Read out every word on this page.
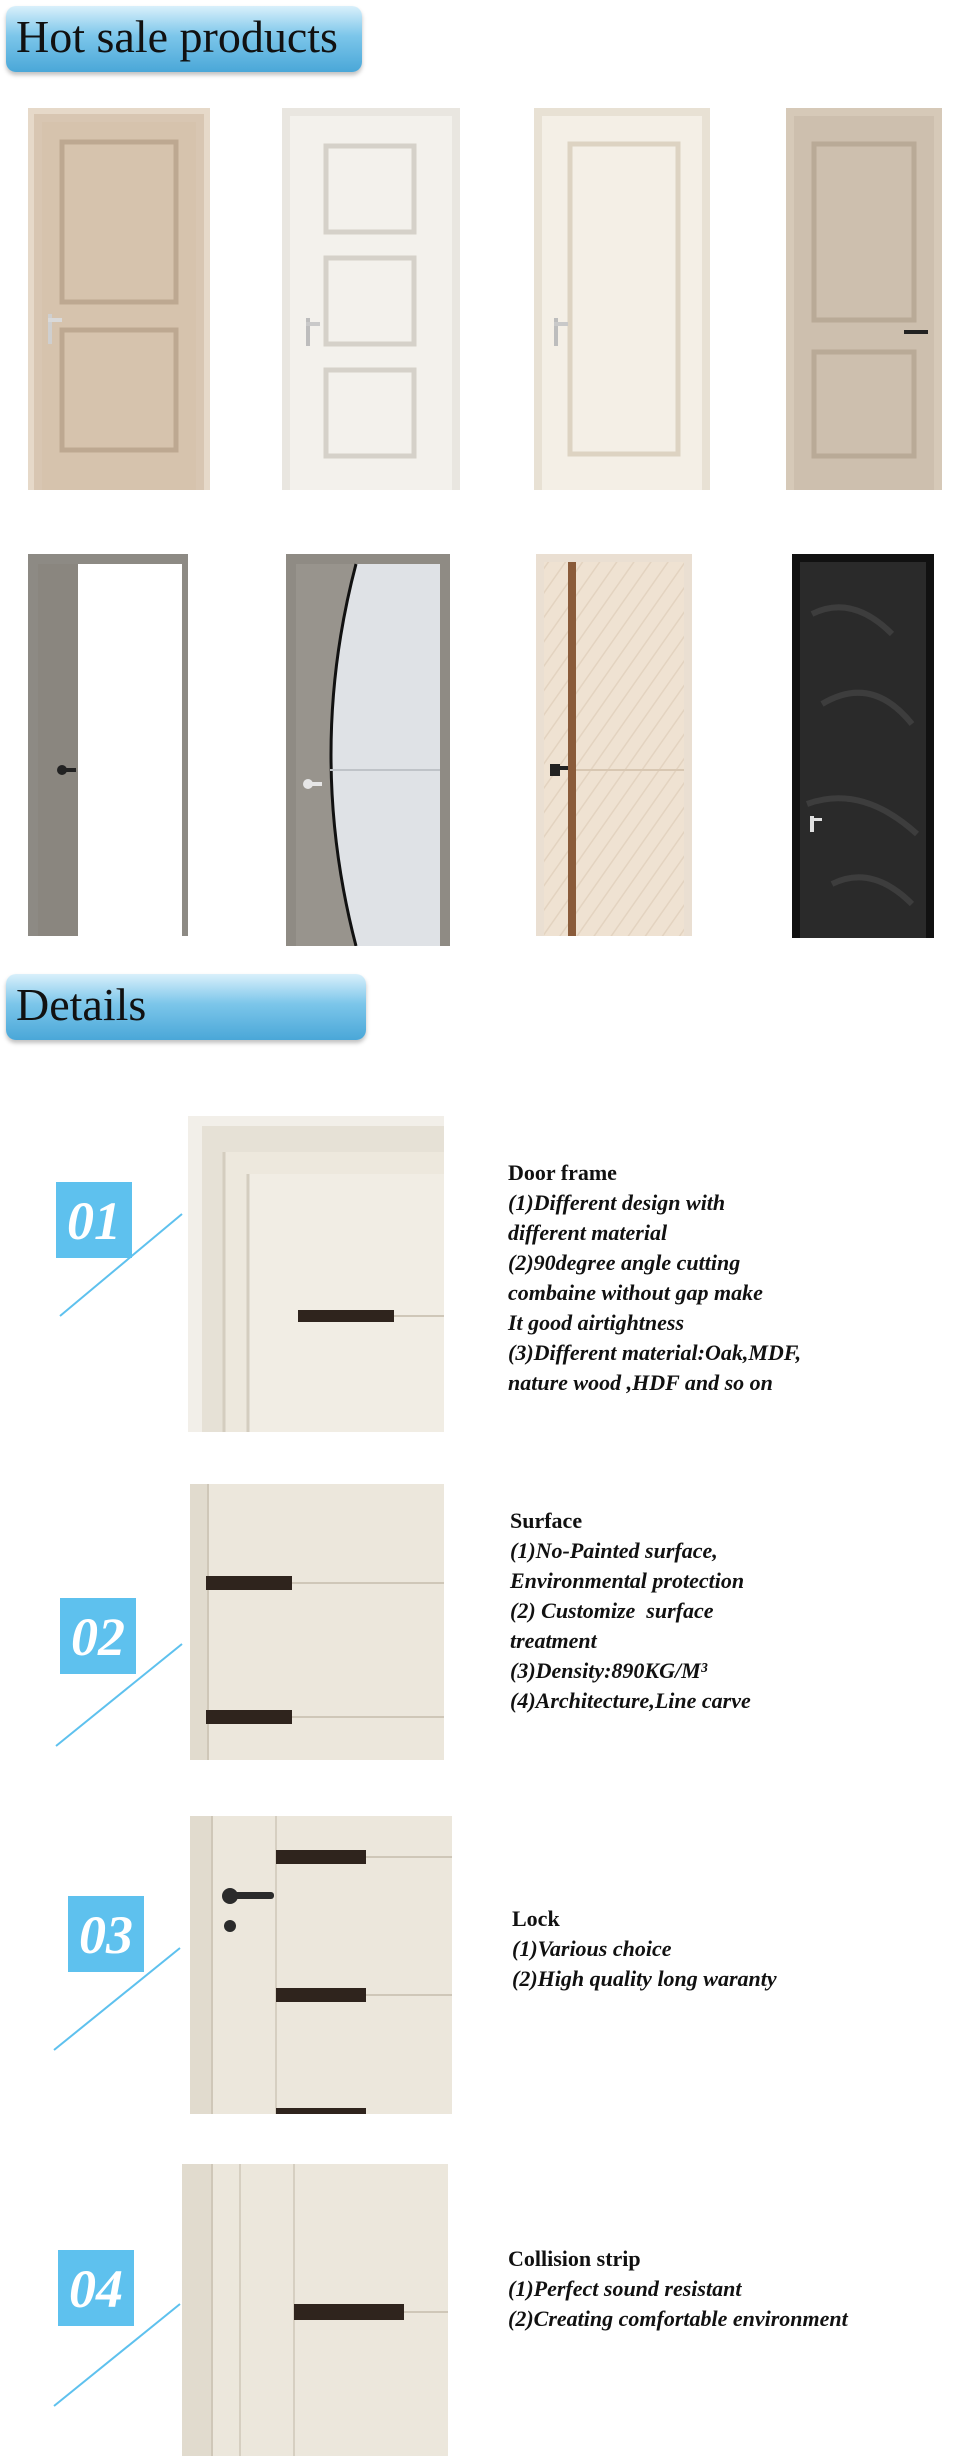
Hot sale products
Details
01
Door frame
(1)Different design with
different material
(2)90degree angle cutting
combaine without gap make
It good airtightness
(3)Different material:Oak,MDF,
nature wood ,HDF and so on
02
Surface
(1)No-Painted surface,
Environmental protection
(2) Customize  surface
treatment
(3)Density:890KG/M³
(4)Architecture,Line carve
03	Lock
(1)Various choice
(2)High quality long waranty
04
Collision strip
(1)Perfect sound resistant
(2)Creating comfortable environment
